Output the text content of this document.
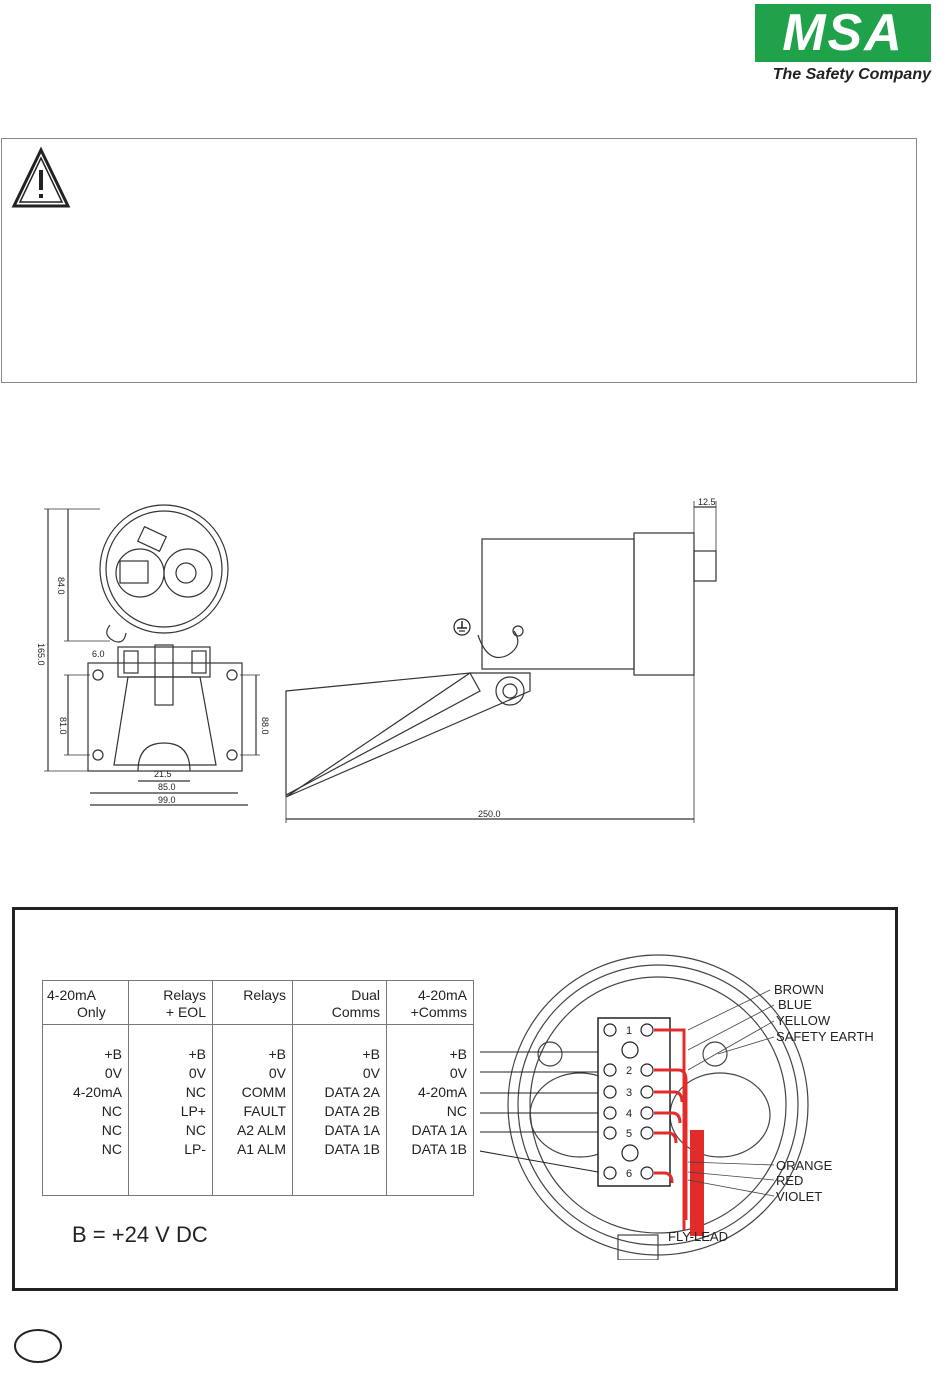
MSA
The Safety Company
84.0
165.0	6.0
81.0	88.0
21.5
85.0
99.0
12.5
250.0
4-20mA
Only
+B
0V
4-20mA
NC
NC
NC
Relays
+ EOL
+B
0V
NC
LP+
NC
LP-
Relays

+B
0V
COMM
FAULT
A2 ALM
A1 ALM
Dual
Comms
+B
0V
DATA 2A
DATA 2B
DATA 1A
DATA 1B
4-20mA
+Comms
+B
0V
4-20mA
NC
DATA 1A
DATA 1B
B = +24 V DC
1
2
3
4
5
6
BROWN
BLUE
YELLOW
SAFETY EARTH
ORANGE
RED
VIOLET
FLY-LEAD
